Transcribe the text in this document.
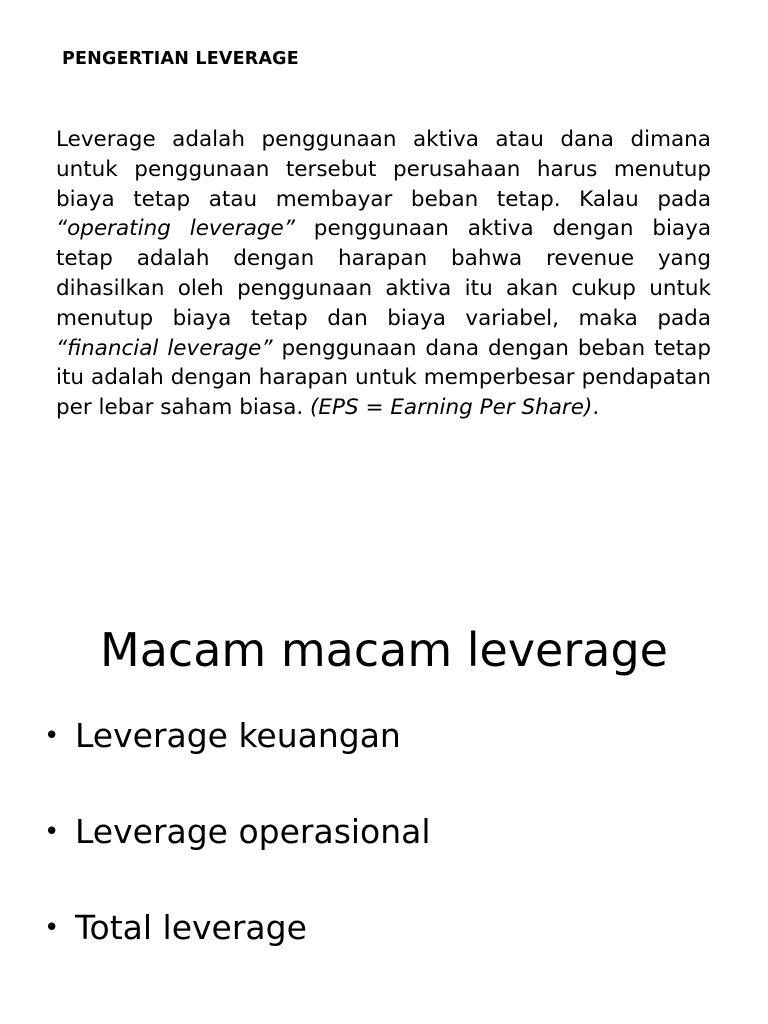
PENGERTIAN LEVERAGE

Leverage adalah penggunaan aktiva atau dana dimana untuk penggunaan tersebut perusahaan harus menutup biaya tetap atau membayar beban tetap. Kalau pada “operating leverage” penggunaan aktiva dengan biaya tetap adalah dengan harapan bahwa revenue yang dihasilkan oleh penggunaan aktiva itu akan cukup untuk menutup biaya tetap dan biaya variabel, maka pada “financial leverage” penggunaan dana dengan beban tetap itu adalah dengan harapan untuk memperbesar pendapatan per lebar saham biasa. (EPS = Earning Per Share).

Macam macam leverage
• Leverage keuangan
• Leverage operasional
• Total leverage
